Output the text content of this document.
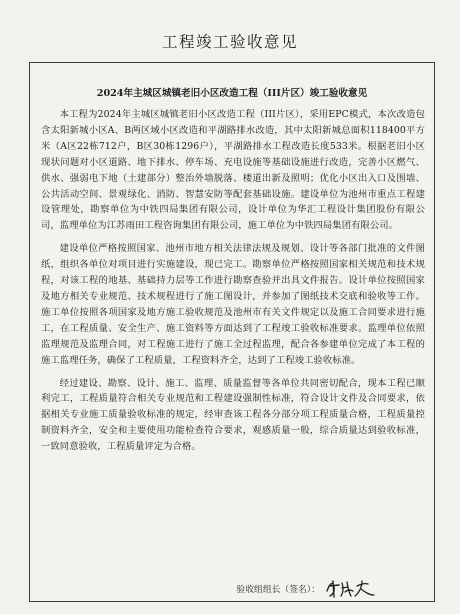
工程竣工验收意见
2024年主城区城镇老旧小区改造工程（III片区）竣工验收意见

本工程为2024年主城区城镇老旧小区改造工程（III片区），采用EPC模式，本次改造包含太阳新城小区A、B两区域小区改造和平湖路排水改造，其中太阳新城总面积118400平方米（A区22栋712户，B区30栋1296户），平湖路排水工程改造长度533米。根据老旧小区现状问题对小区道路、地下排水、停车场、充电设施等基础设施进行改造，完善小区燃气、供水、强弱电下地（土建部分）整治外墙脱落、楼道出新及照明；优化小区出入口及围墙、公共活动空间、景观绿化、消防、智慧安防等配套基础设施。建设单位为池州市重点工程建设管理处，勘察单位为中铁四局集团有限公司，设计单位为华汇工程设计集团股份有限公司，监理单位为江苏雨田工程咨询集团有限公司，施工单位为中铁四局集团有限公司。

建设单位严格按照国家、池州市地方相关法律法规及规划、设计等各部门批准的文件图纸，组织各单位对项目进行实施建设，现已完工。勘察单位严格按照国家相关规范和技术规程，对该工程的地基、基础持力层等工作进行勘察查验并出具文件报告。设计单位按照国家及地方相关专业规范、技术规程进行了施工图设计，并参加了图纸技术交底和验收等工作。施工单位按照各项国家及地方施工验收规范及池州市有关文件规定以及施工合同要求进行施工，在工程质量、安全生产、施工资料等方面达到了工程竣工验收标准要求。监理单位依照监理规范及监理合同，对工程施工进行了施工全过程监理，配合各参建单位完成了本工程的施工监理任务，确保了工程质量，工程资料齐全，达到了工程竣工验收标准。

经过建设、勘察、设计、施工、监理、质量监督等各单位共同密切配合，现本工程已顺利完工，工程质量符合相关专业规范和工程建设强制性标准，符合设计文件及合同要求，依据相关专业施工质量验收标准的规定，经审查该工程各分部分项工程质量合格，工程质量控制资料齐全，安全和主要使用功能检查符合要求，观感质量一般，综合质量达到验收标准，一致同意验收，工程质量评定为合格。

验收组组长（签名）：
